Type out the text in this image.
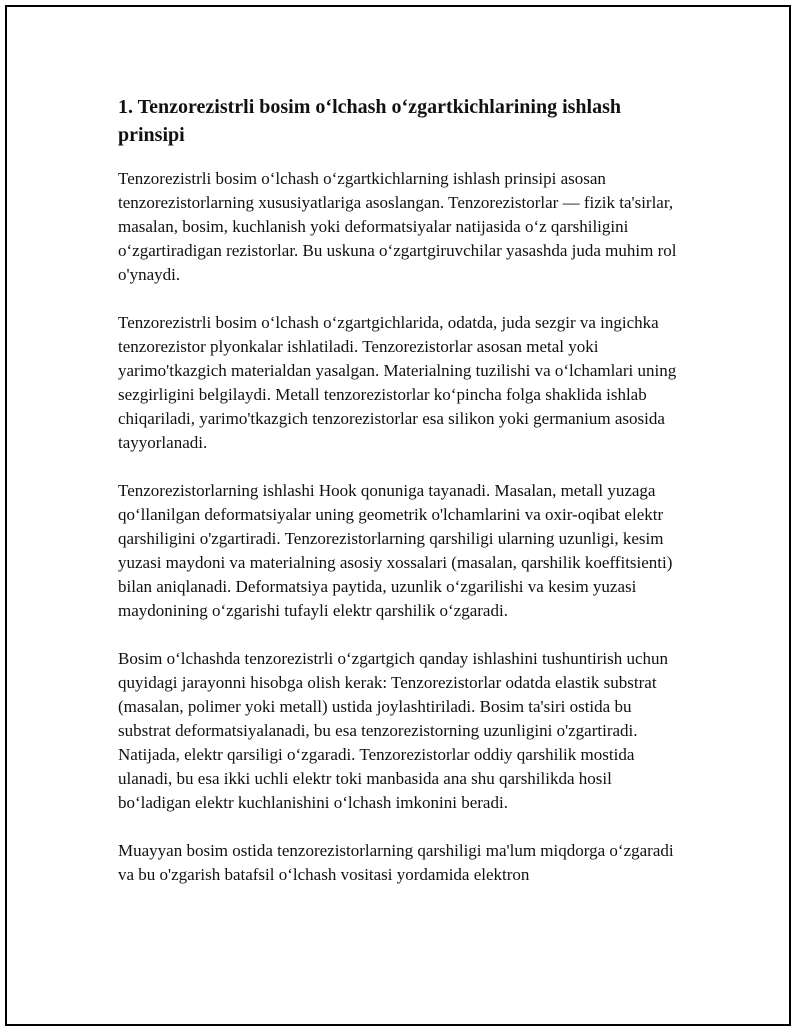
1. Tenzorezistrli bosim o‘lchash o‘zgartkichlarining ishlash prinsipi

Tenzorezistrli bosim o‘lchash o‘zgartkichlarning ishlash prinsipi asosan tenzorezistorlarning xususiyatlariga asoslangan. Tenzorezistorlar — fizik ta'sirlar, masalan, bosim, kuchlanish yoki deformatsiyalar natijasida o‘z qarshiligini o‘zgartiradigan rezistorlar. Bu uskuna o‘zgartgiruvchilar yasashda juda muhim rol o'ynaydi.

Tenzorezistrli bosim o‘lchash o‘zgartgichlarida, odatda, juda sezgir va ingichka tenzorezistor plyonkalar ishlatiladi. Tenzorezistorlar asosan metal yoki yarimo'tkazgich materialdan yasalgan. Materialning tuzilishi va o‘lchamlari uning sezgirligini belgilaydi. Metall tenzorezistorlar ko‘pincha folga shaklida ishlab chiqariladi, yarimo'tkazgich tenzorezistorlar esa silikon yoki germanium asosida tayyorlanadi.

Tenzorezistorlarning ishlashi Hook qonuniga tayanadi. Masalan, metall yuzaga qo‘llanilgan deformatsiyalar uning geometrik o'lchamlarini va oxir-oqibat elektr qarshiligini o'zgartiradi. Tenzorezistorlarning qarshiligi ularning uzunligi, kesim yuzasi maydoni va materialning asosiy xossalari (masalan, qarshilik koeffitsienti) bilan aniqlanadi. Deformatsiya paytida, uzunlik o‘zgarilishi va kesim yuzasi maydonining o‘zgarishi tufayli elektr qarshilik o‘zgaradi.

Bosim o‘lchashda tenzorezistrli o‘zgartgich qanday ishlashini tushuntirish uchun quyidagi jarayonni hisobga olish kerak: Tenzorezistorlar odatda elastik substrat (masalan, polimer yoki metall) ustida joylashtiriladi. Bosim ta'siri ostida bu substrat deformatsiyalanadi, bu esa tenzorezistorning uzunligini o'zgartiradi. Natijada, elektr qarsiligi o‘zgaradi. Tenzorezistorlar oddiy qarshilik mostida ulanadi, bu esa ikki uchli elektr toki manbasida ana shu qarshilikda hosil bo‘ladigan elektr kuchlanishini o‘lchash imkonini beradi.

Muayyan bosim ostida tenzorezistorlarning qarshiligi ma'lum miqdorga o‘zgaradi va bu o'zgarish batafsil o‘lchash vositasi yordamida elektron
